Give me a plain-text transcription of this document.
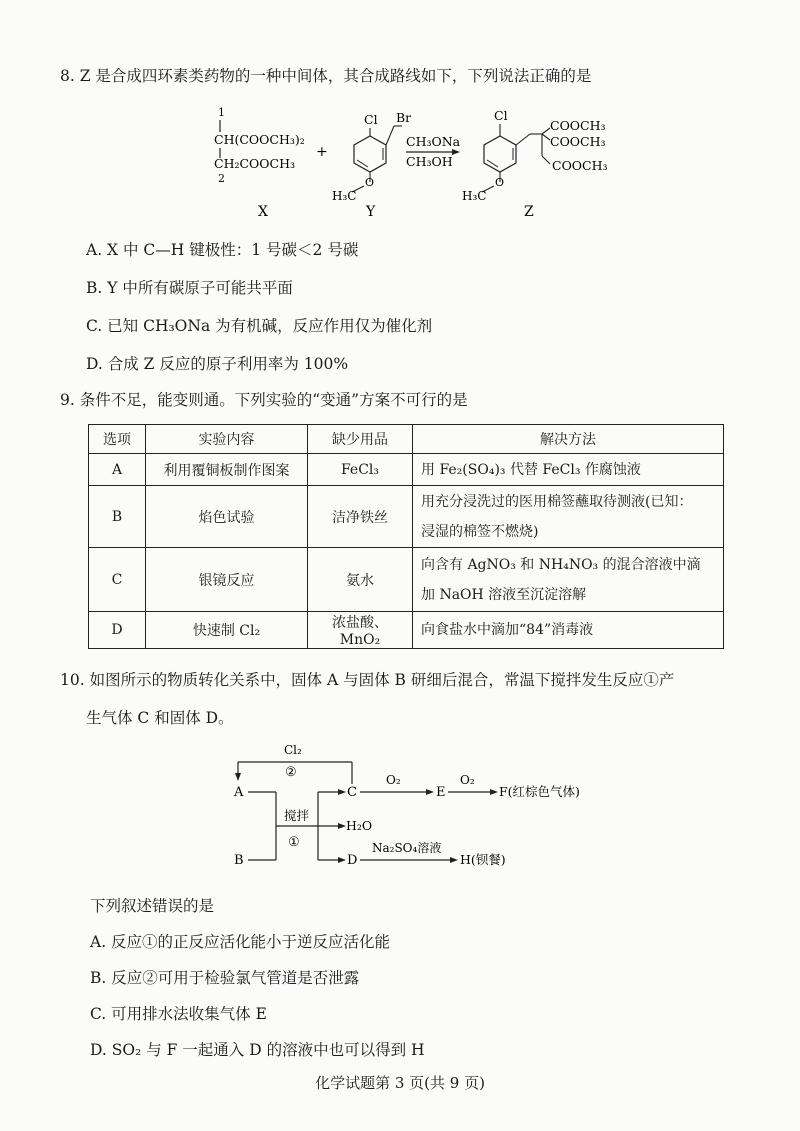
8. Z 是合成四环素类药物的一种中间体，其合成路线如下，下列说法正确的是
1
CH(COOCH₃)₂
CH₂COOCH₃
2
X
+
Cl Br
O
H₃C
Y
CH₃ONa
CH₃OH
Cl
COOCH₃
COOCH₃
COOCH₃
O
H₃C
Z
A. X 中 C—H 键极性：1 号碳＜2 号碳
B. Y 中所有碳原子可能共平面
C. 已知 CH₃ONa 为有机碱，反应作用仅为催化剂
D. 合成 Z 反应的原子利用率为 100%
9. 条件不足，能变则通。下列实验的“变通”方案不可行的是
选项	实验内容	缺少用品	解决方法
A	利用覆铜板制作图案	FeCl₃	用 Fe₂(SO₄)₃ 代替 FeCl₃ 作腐蚀液
B	焰色试验	洁净铁丝	用充分浸洗过的医用棉签蘸取待测液(已知：
浸湿的棉签不燃烧)

C	银镜反应	氨水	向含有 AgNO₃ 和 NH₄NO₃ 的混合溶液中滴
加 NaOH 溶液至沉淀溶解

D	快速制 Cl₂	浓盐酸、MnO₂	向食盐水中滴加“84”消毒液
10. 如图所示的物质转化关系中，固体 A 与固体 B 研细后混合，常温下搅拌发生反应①产
生气体 C 和固体 D。
Cl₂
②
A
B
搅拌
①
C
H₂O
D
O₂
E
O₂
F(红棕色气体)
Na₂SO₄溶液
H(钡餐)
下列叙述错误的是
A. 反应①的正反应活化能小于逆反应活化能
B. 反应②可用于检验氯气管道是否泄露
C. 可用排水法收集气体 E
D. SO₂ 与 F 一起通入 D 的溶液中也可以得到 H
化学试题第 3 页(共 9 页)
